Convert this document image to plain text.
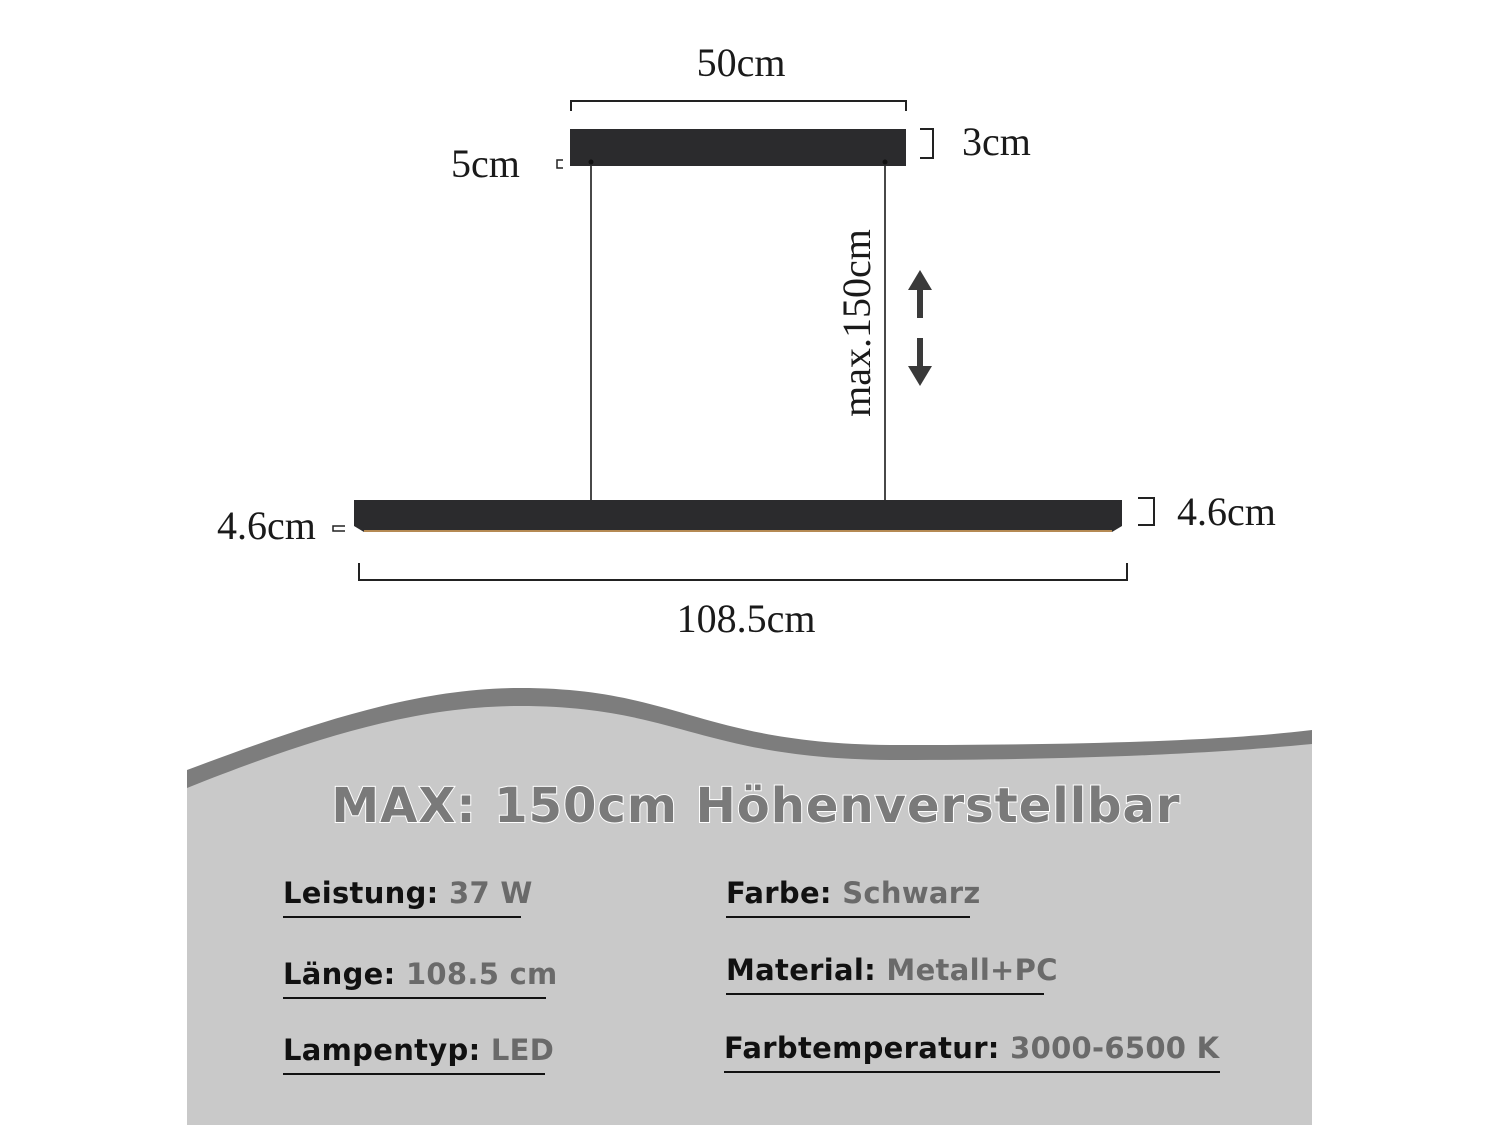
MAX: 150cm Höhenverstellbar
50cm
3cm
5cm
max.150cm
4.6cm
4.6cm
108.5cm
Leistung: 37 W	Farbe: Schwarz
Länge: 108.5 cm	Material: Metall+PC
Lampentyp: LED	Farbtemperatur: 3000-6500 K
